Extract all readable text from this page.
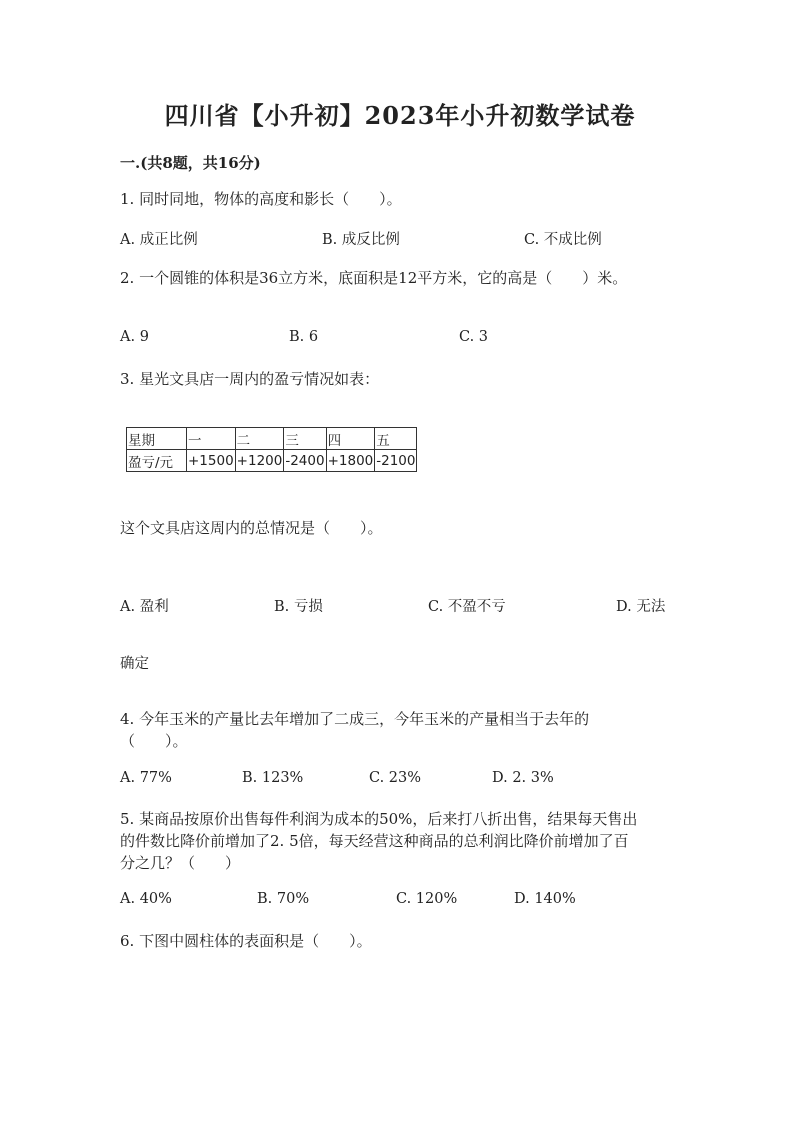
四川省【小升初】2023年小升初数学试卷
一.(共8题，共16分)
1. 同时同地，物体的高度和影长（　　）。
A. 成正比例	B. 成反比例	C. 不成比例
2. 一个圆锥的体积是36立方米，底面积是12平方米，它的高是（　　）米。
A. 9	B. 6	C. 3
3. 星光文具店一周内的盈亏情况如表：
星期	一	二	三	四	五
盈亏/元	+1500	+1200	-2400	+1800	-2100
这个文具店这周内的总情况是（　　）。
A. 盈利	B. 亏损	C. 不盈不亏	D. 无法
确定
4. 今年玉米的产量比去年增加了二成三，今年玉米的产量相当于去年的
（　　）。
A. 77%	B. 123%	C. 23%	D. 2. 3%
5. 某商品按原价出售每件利润为成本的50%，后来打八折出售，结果每天售出
的件数比降价前增加了2. 5倍，每天经营这种商品的总利润比降价前增加了百
分之几？（　　）
A. 40%	B. 70%	C. 120%	D. 140%
6. 下图中圆柱体的表面积是（　　）。
